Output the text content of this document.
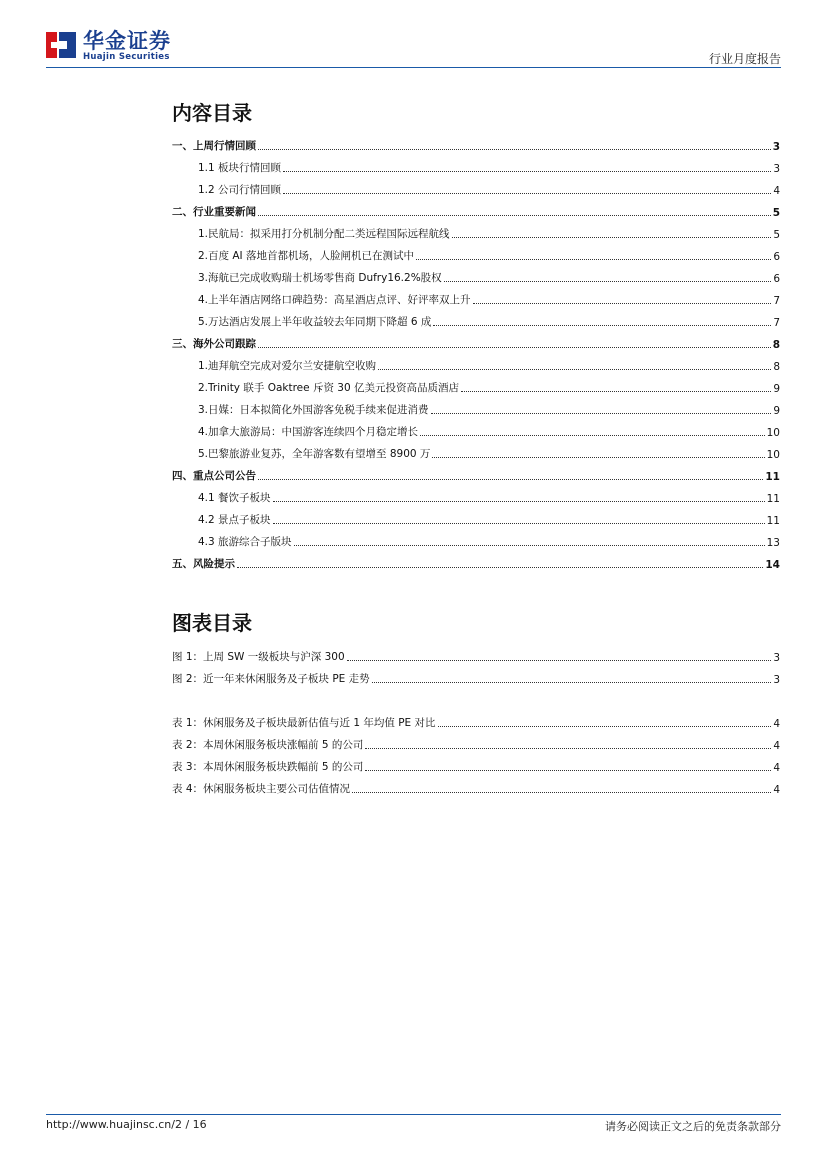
华金证券
Huajin Securities	行业月度报告
内容目录
一、上周行情回顾	3
1.1 板块行情回顾	3
1.2 公司行情回顾	4
二、行业重要新闻	5
1.民航局：拟采用打分机制分配二类远程国际远程航线	5
2.百度 AI 落地首都机场，人脸闸机已在测试中	6
3.海航已完成收购瑞士机场零售商 Dufry16.2%股权	6
4.上半年酒店网络口碑趋势：高星酒店点评、好评率双上升	7
5.万达酒店发展上半年收益较去年同期下降超 6 成	7
三、海外公司跟踪	8
1.迪拜航空完成对爱尔兰安捷航空收购	8
2.Trinity 联手 Oaktree 斥资 30 亿美元投资高品质酒店	9
3.日媒：日本拟简化外国游客免税手续来促进消费	9
4.加拿大旅游局：中国游客连续四个月稳定增长	10
5.巴黎旅游业复苏，全年游客数有望增至 8900 万	10
四、重点公司公告	11
4.1 餐饮子板块	11
4.2 景点子板块	11
4.3 旅游综合子版块	13
五、风险提示	14
图表目录
图 1：上周 SW 一级板块与沪深 300	3
图 2：近一年来休闲服务及子板块 PE 走势	3
表 1：休闲服务及子板块最新估值与近 1 年均值 PE 对比	4
表 2：本周休闲服务板块涨幅前 5 的公司	4
表 3：本周休闲服务板块跌幅前 5 的公司	4
表 4：休闲服务板块主要公司估值情况	4
http://www.huajinsc.cn/2 / 16	请务必阅读正文之后的免责条款部分
